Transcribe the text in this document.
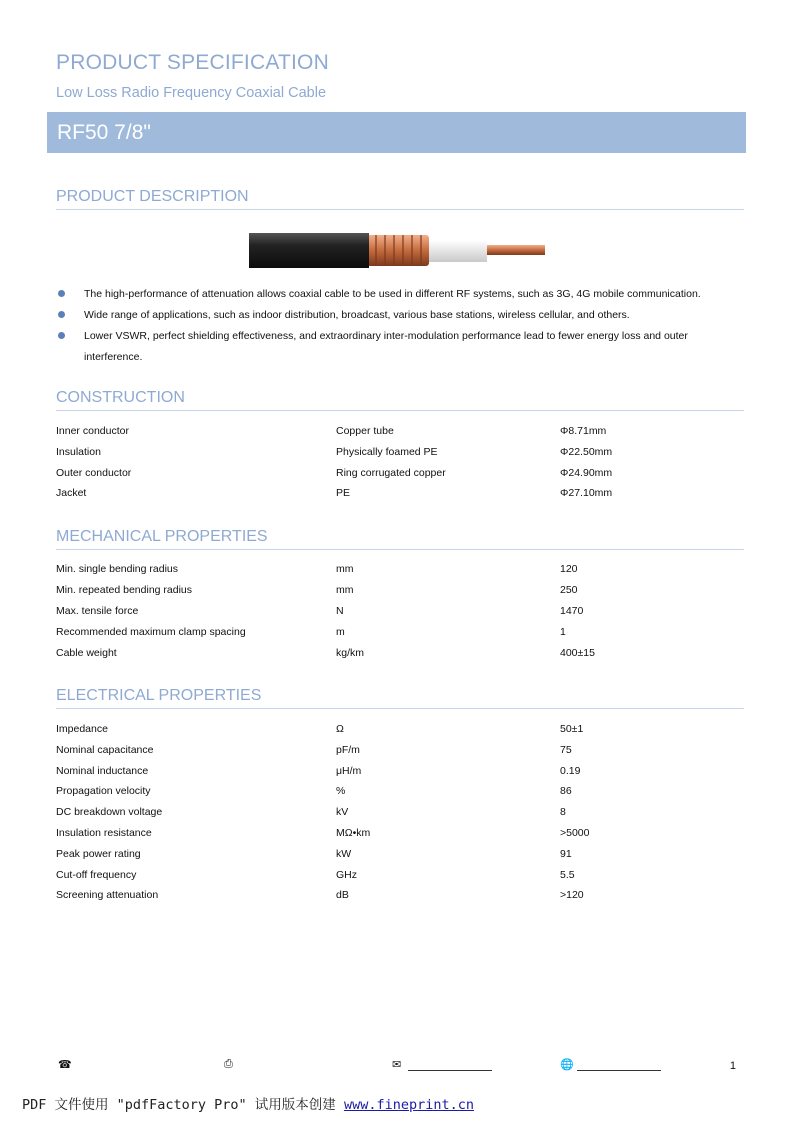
PRODUCT SPECIFICATION
Low Loss Radio Frequency Coaxial Cable
RF50 7/8"
PRODUCT DESCRIPTION
The high-performance of attenuation allows coaxial cable to be used in different RF systems, such as 3G, 4G mobile communication.
Wide range of applications, such as indoor distribution, broadcast, various base stations, wireless cellular, and others.
Lower VSWR, perfect shielding effectiveness, and extraordinary inter-modulation performance lead to fewer energy loss and outer interference.
CONSTRUCTION
Inner conductor	Copper tube	Φ8.71mm
Insulation	Physically foamed PE	Φ22.50mm
Outer conductor	Ring corrugated copper	Φ24.90mm
Jacket	PE	Φ27.10mm
MECHANICAL PROPERTIES
Min. single bending radius	mm	120
Min. repeated bending radius	mm	250
Max. tensile force	N	1470
Recommended maximum clamp spacing	m	1
Cable weight	kg/km	400±15
ELECTRICAL PROPERTIES
Impedance	Ω	50±1
Nominal capacitance	pF/m	75
Nominal inductance	μH/m	0.19
Propagation velocity	%	86
DC breakdown voltage	kV	8
Insulation resistance	MΩ•km	>5000
Peak power rating	kW	91
Cut-off frequency	GHz	5.5
Screening attenuation	dB	>120
☎	⎙	✉	🌐	1
PDF 文件使用 "pdfFactory Pro" 试用版本创建 www.fineprint.cn
